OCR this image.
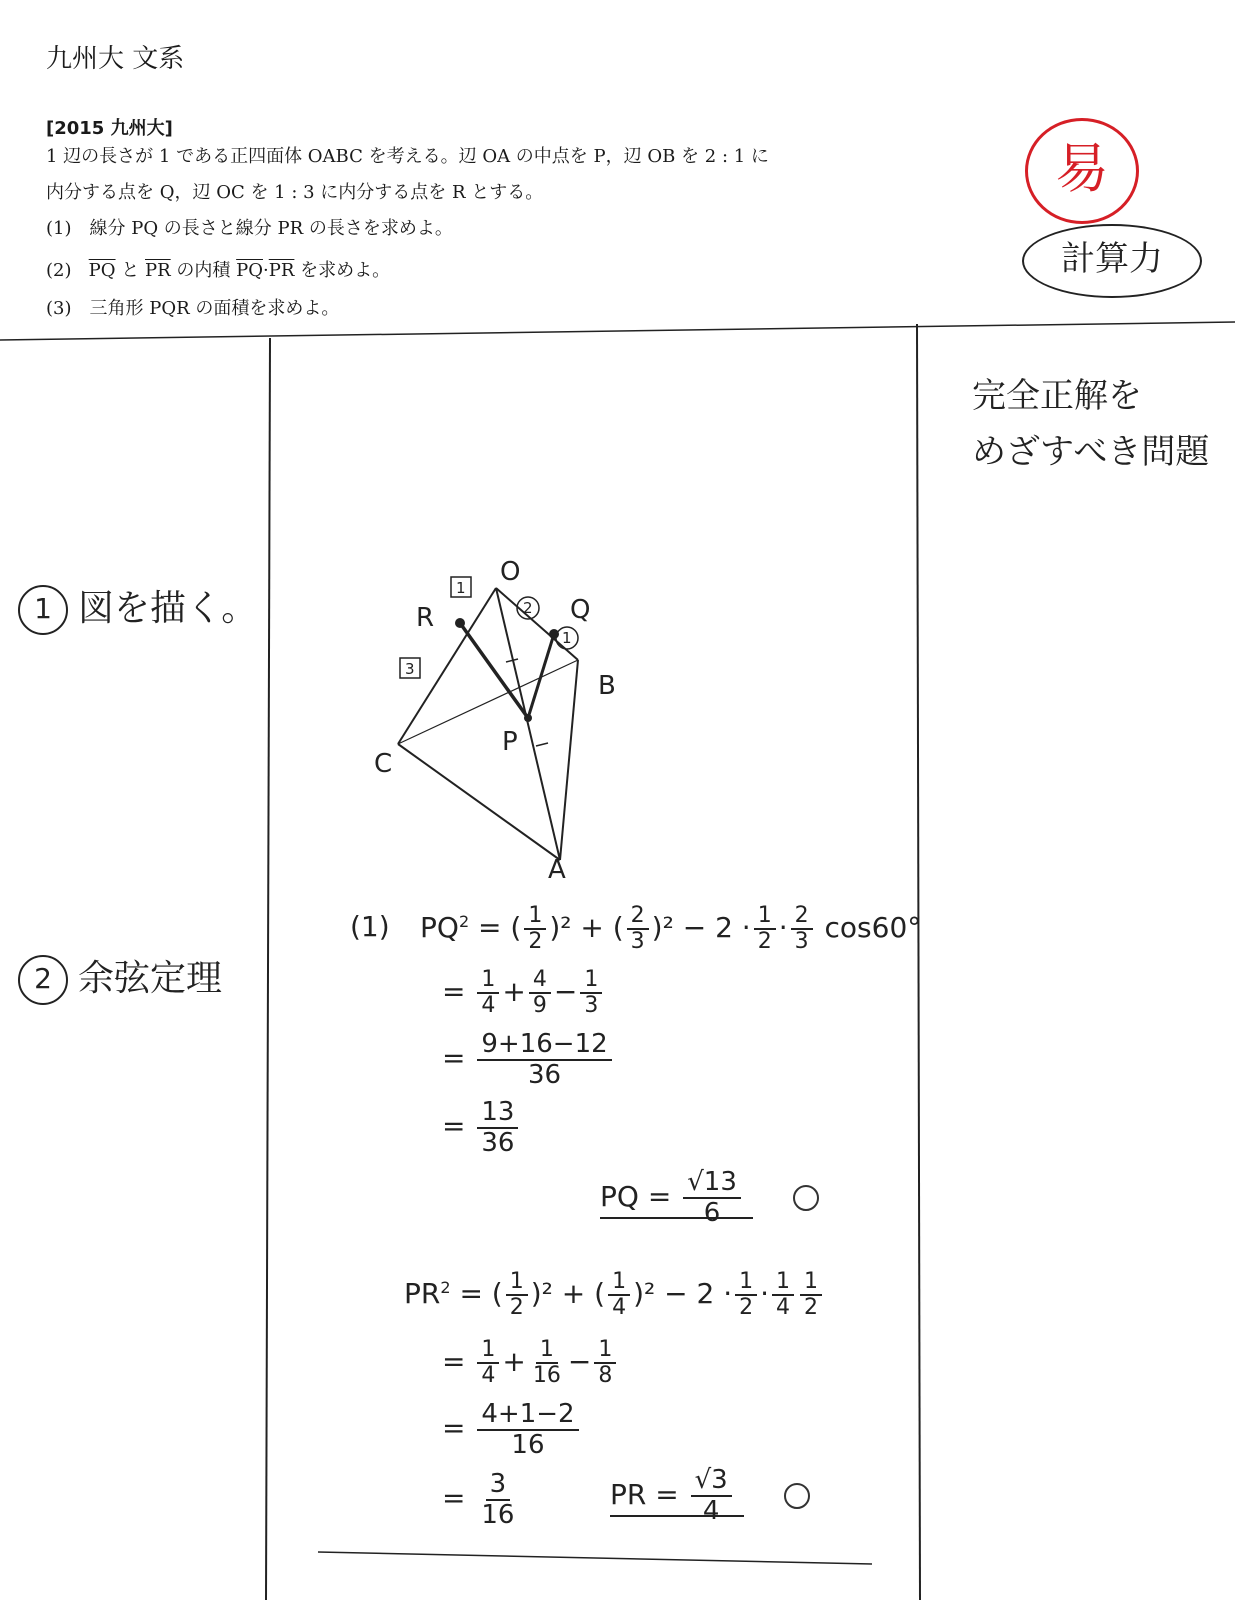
九州大 文系
[2015 九州大]
1 辺の長さが 1 である正四面体 OABC を考える。辺 OA の中点を P，辺 OB を 2 : 1 に
内分する点を Q，辺 OC を 1 : 3 に内分する点を R とする。
(1)　線分 PQ の長さと線分 PR の長さを求めよ。
(2) $\overline{PQ}$ と $\overline{PR}$ の内積 $\overline{PQ}\cdot\overline{PR}$ を求めよ。
(3)　三角形 PQR の面積を求めよ。
易
計算力
完全正解を
めざすべき問題
1 図を描く。
2 余弦定理
O
Q
R
B
P
C
A
1
2
1
3
(1) $PQ^2$ = ( $\frac{1}{2} )^2$ + ( $\frac{2}{3} )^2 - 2 \cdot \frac{1}{2} \cdot \frac{2}{3} \cos 60^\circ$
= $\frac{1}{4} + \frac{4}{9} - \frac{1}{3}$
= $\frac{9+16-12}{36}$
= $\frac{13}{36}$
PQ = $\frac{√13}{6}$

$PR^2$ = ( $\frac{1}{2} )^2$ + ( $\frac{1}{4} )^2 - 2 \cdot \frac{1}{2} \cdot \frac{1}{4} \frac{1}{2}$
= $\frac{1}{4} + \frac{1}{16} - \frac{1}{8}$
= $\frac{4+1-2}{16}$
= $\frac{3}{16}$	PR = $\frac{√3}{4}$
